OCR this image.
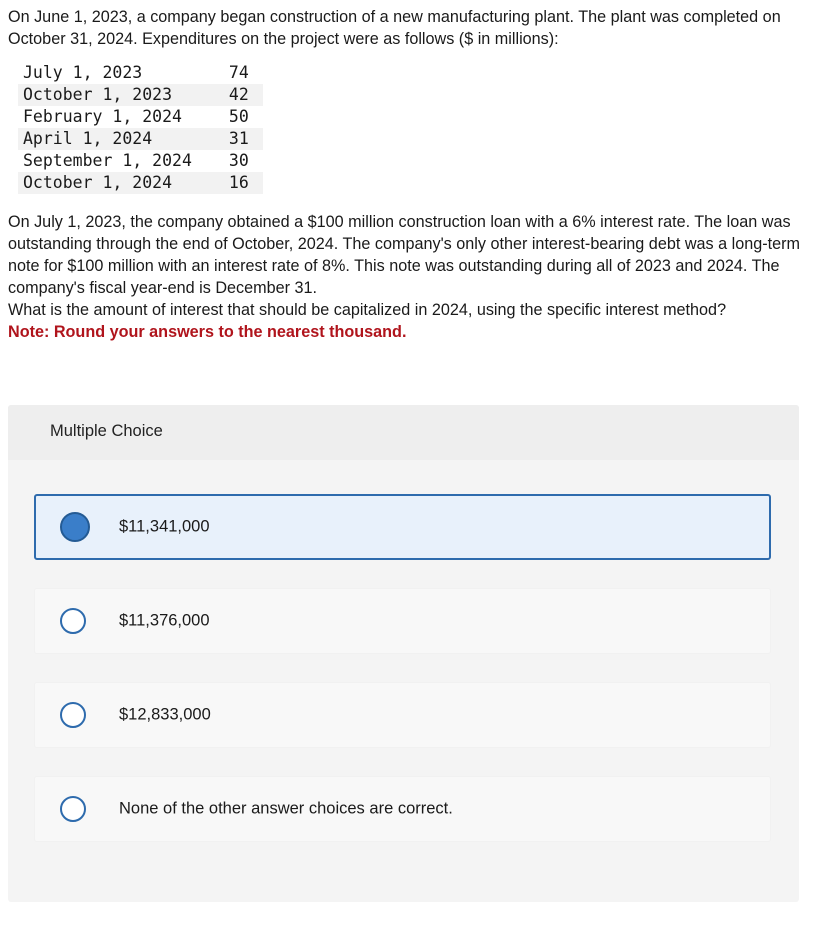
On June 1, 2023, a company began construction of a new manufacturing plant. The plant was completed on October 31, 2024. Expenditures on the project were as follows ($ in millions):

July 1, 2023	74
October 1, 2023	42
February 1, 2024	50
April 1, 2024	31
September 1, 2024	30
October 1, 2024	16

On July 1, 2023, the company obtained a $100 million construction loan with a 6% interest rate. The loan was outstanding through the end of October, 2024. The company's only other interest-bearing debt was a long-term note for $100 million with an interest rate of 8%. This note was outstanding during all of 2023 and 2024. The company's fiscal year-end is December 31.

What is the amount of interest that should be capitalized in 2024, using the specific interest method?

Note: Round your answers to the nearest thousand.

Multiple Choice
$11,341,000
$11,376,000
$12,833,000
None of the other answer choices are correct.
